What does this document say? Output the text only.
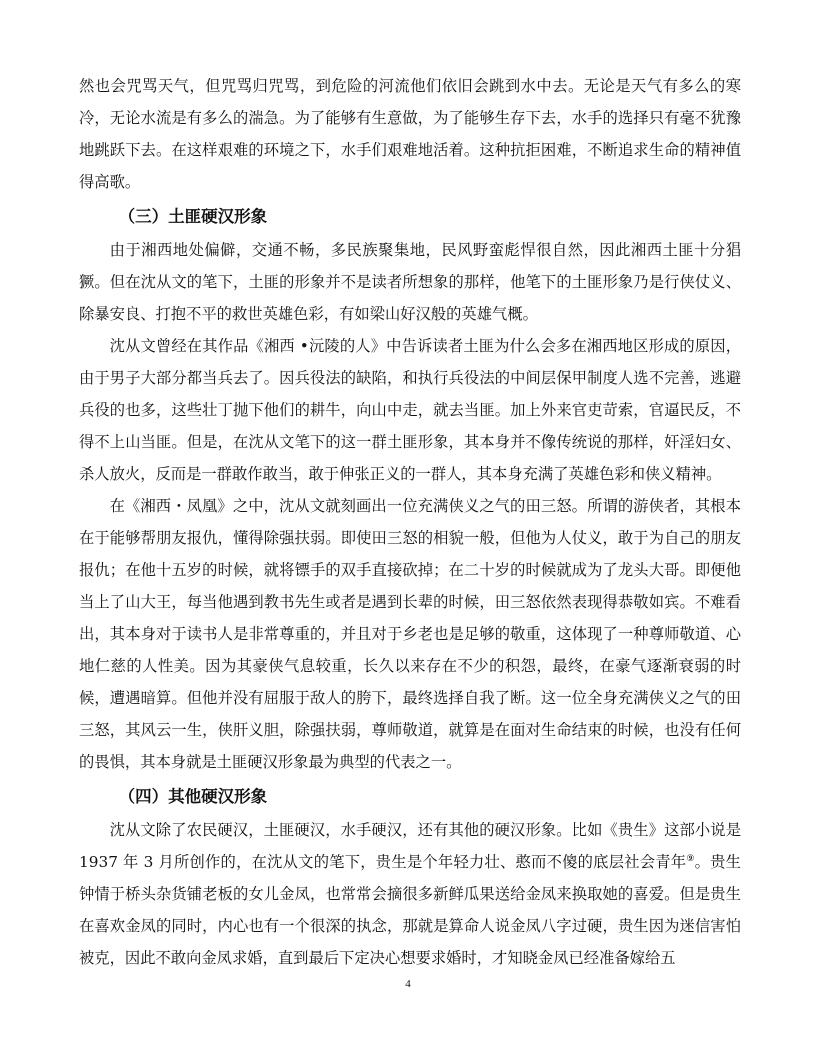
然也会咒骂天气，但咒骂归咒骂，到危险的河流他们依旧会跳到水中去。无论是天气有多么的寒冷，无论水流是有多么的湍急。为了能够有生意做，为了能够生存下去，水手的选择只有毫不犹豫地跳跃下去。在这样艰难的环境之下，水手们艰难地活着。这种抗拒困难，不断追求生命的精神值得高歌。

（三）土匪硬汉形象

由于湘西地处偏僻，交通不畅，多民族聚集地，民风野蛮彪悍很自然，因此湘西土匪十分猖獗。但在沈从文的笔下，土匪的形象并不是读者所想象的那样，他笔下的土匪形象乃是行侠仗义、除暴安良、打抱不平的救世英雄色彩，有如梁山好汉般的英雄气概。

沈从文曾经在其作品《湘西 •沅陵的人》中告诉读者土匪为什么会多在湘西地区形成的原因，由于男子大部分都当兵去了。因兵役法的缺陷，和执行兵役法的中间层保甲制度人选不完善，逃避兵役的也多，这些壮丁抛下他们的耕牛，向山中走，就去当匪。加上外来官吏苛索，官逼民反，不得不上山当匪。但是，在沈从文笔下的这一群土匪形象，其本身并不像传统说的那样，奸淫妇女、杀人放火，反而是一群敢作敢当，敢于伸张正义的一群人，其本身充满了英雄色彩和侠义精神。

在《湘西・凤凰》之中，沈从文就刻画出一位充满侠义之气的田三怒。所谓的游侠者，其根本在于能够帮朋友报仇，懂得除强扶弱。即使田三怒的相貌一般，但他为人仗义，敢于为自己的朋友报仇；在他十五岁的时候，就将镖手的双手直接砍掉；在二十岁的时候就成为了龙头大哥。即便他当上了山大王，每当他遇到教书先生或者是遇到长辈的时候，田三怒依然表现得恭敬如宾。不难看出，其本身对于读书人是非常尊重的，并且对于乡老也是足够的敬重，这体现了一种尊师敬道、心地仁慈的人性美。因为其豪侠气息较重，长久以来存在不少的积怨，最终，在豪气逐渐衰弱的时候，遭遇暗算。但他并没有屈服于敌人的胯下，最终选择自我了断。这一位全身充满侠义之气的田三怒，其风云一生，侠肝义胆，除强扶弱，尊师敬道，就算是在面对生命结束的时候，也没有任何的畏惧，其本身就是土匪硬汉形象最为典型的代表之一。

（四）其他硬汉形象

沈从文除了农民硬汉，土匪硬汉，水手硬汉，还有其他的硬汉形象。比如《贵生》这部小说是 1937 年 3 月所创作的，在沈从文的笔下，贵生是个年轻力壮、憨而不傻的底层社会青年⑨。贵生钟情于桥头杂货铺老板的女儿金凤，也常常会摘很多新鲜瓜果送给金凤来换取她的喜爱。但是贵生在喜欢金凤的同时，内心也有一个很深的执念，那就是算命人说金凤八字过硬，贵生因为迷信害怕被克，因此不敢向金凤求婚，直到最后下定决心想要求婚时，才知晓金凤已经准备嫁给五

4
